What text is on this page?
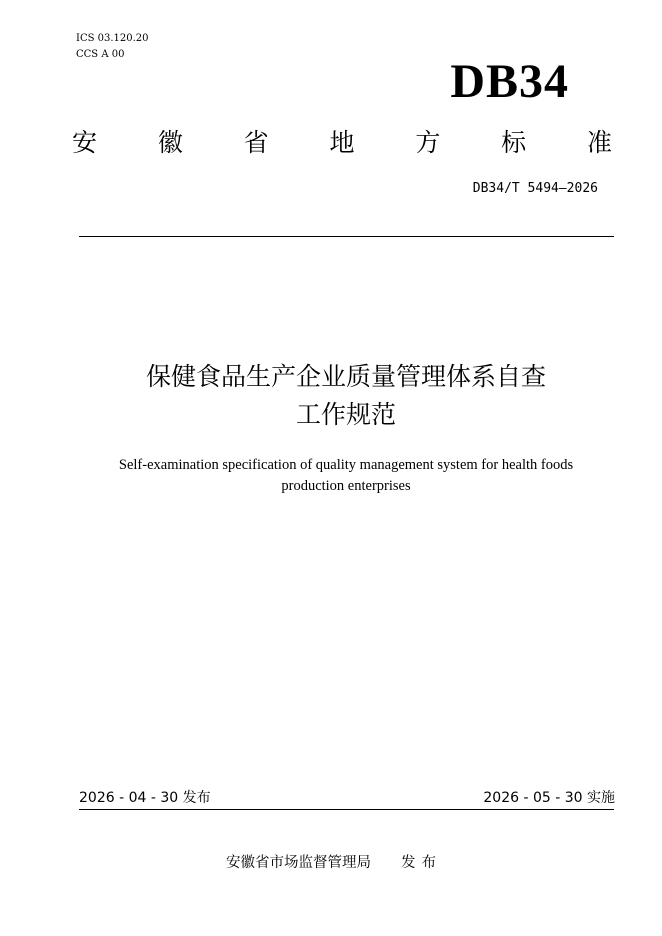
ICS 03.120.20
CCS A 00
DB34
安 徽 省 地 方 标 准
DB34/T 5494—2026
保健食品生产企业质量管理体系自查
工作规范
Self-examination specification of quality management system for health foods
production enterprises
2026 - 04 - 30 发布	2026 - 05 - 30 实施
安徽省市场监督管理局 发布
